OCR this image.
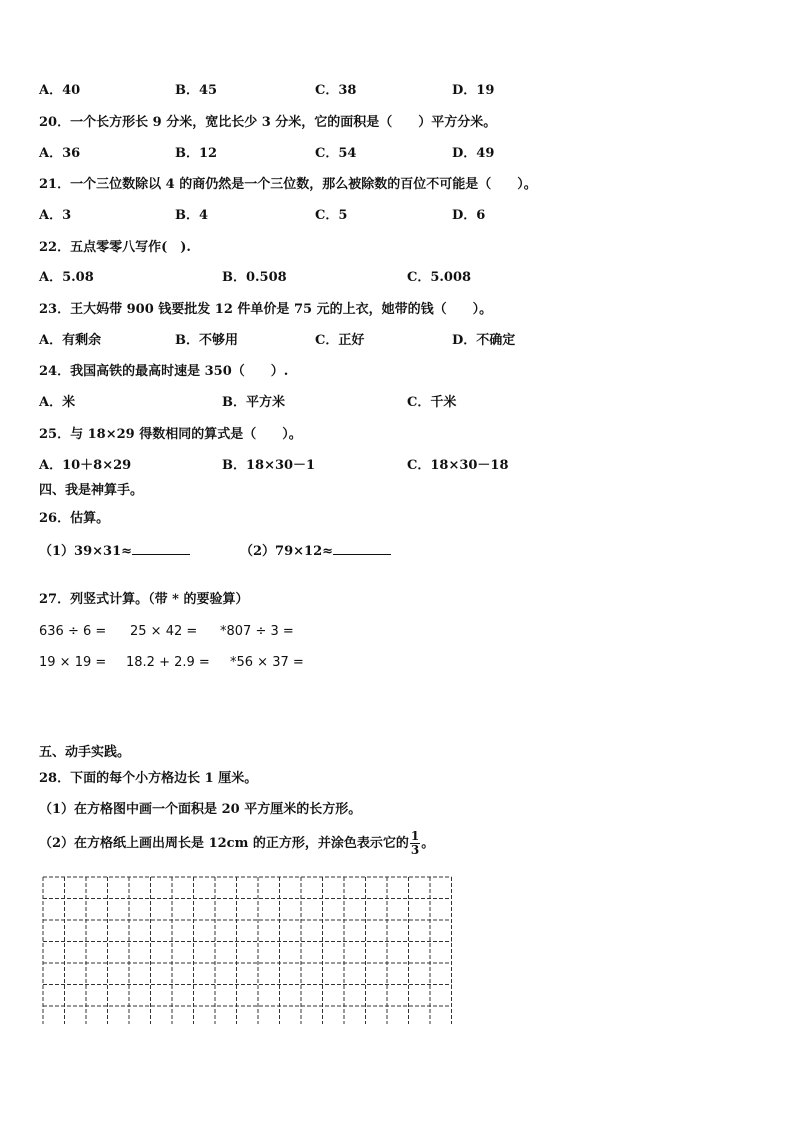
A．40	B．45	C．38	D．19
20．一个长方形长 9 分米，宽比长少 3 分米，它的面积是（　　）平方分米。
A．36	B．12	C．54	D．49
21．一个三位数除以 4 的商仍然是一个三位数，那么被除数的百位不可能是（　　）。
A．3	B．4	C．5	D．6
22．五点零零八写作(　).
A．5.08	B．0.508	C．5.008
23．王大妈带 900 钱要批发 12 件单价是 75 元的上衣，她带的钱（　　）。
A．有剩余	B．不够用	C．正好	D．不确定
24．我国高铁的最高时速是 350（　　）.
A．米	B．平方米	C．千米
25．与 18×29 得数相同的算式是（　　）。
A．10＋8×29	B．18×30－1	C．18×30－18
四、我是神算手。
26．估算。
（1）39×31≈	（2）79×12≈
27．列竖式计算。（带 * 的要验算）
636 ÷ 6 = 25 × 42 = *807 ÷ 3 =
19 × 19 = 18.2 + 2.9 = *56 × 37 =
五、动手实践。
28．下面的每个小方格边长 1 厘米。
（1）在方格图中画一个面积是 20 平方厘米的长方形。
（2）在方格纸上画出周长是 12cm 的正方形，并涂色表示它的 $\frac{1}{3}$ 。
